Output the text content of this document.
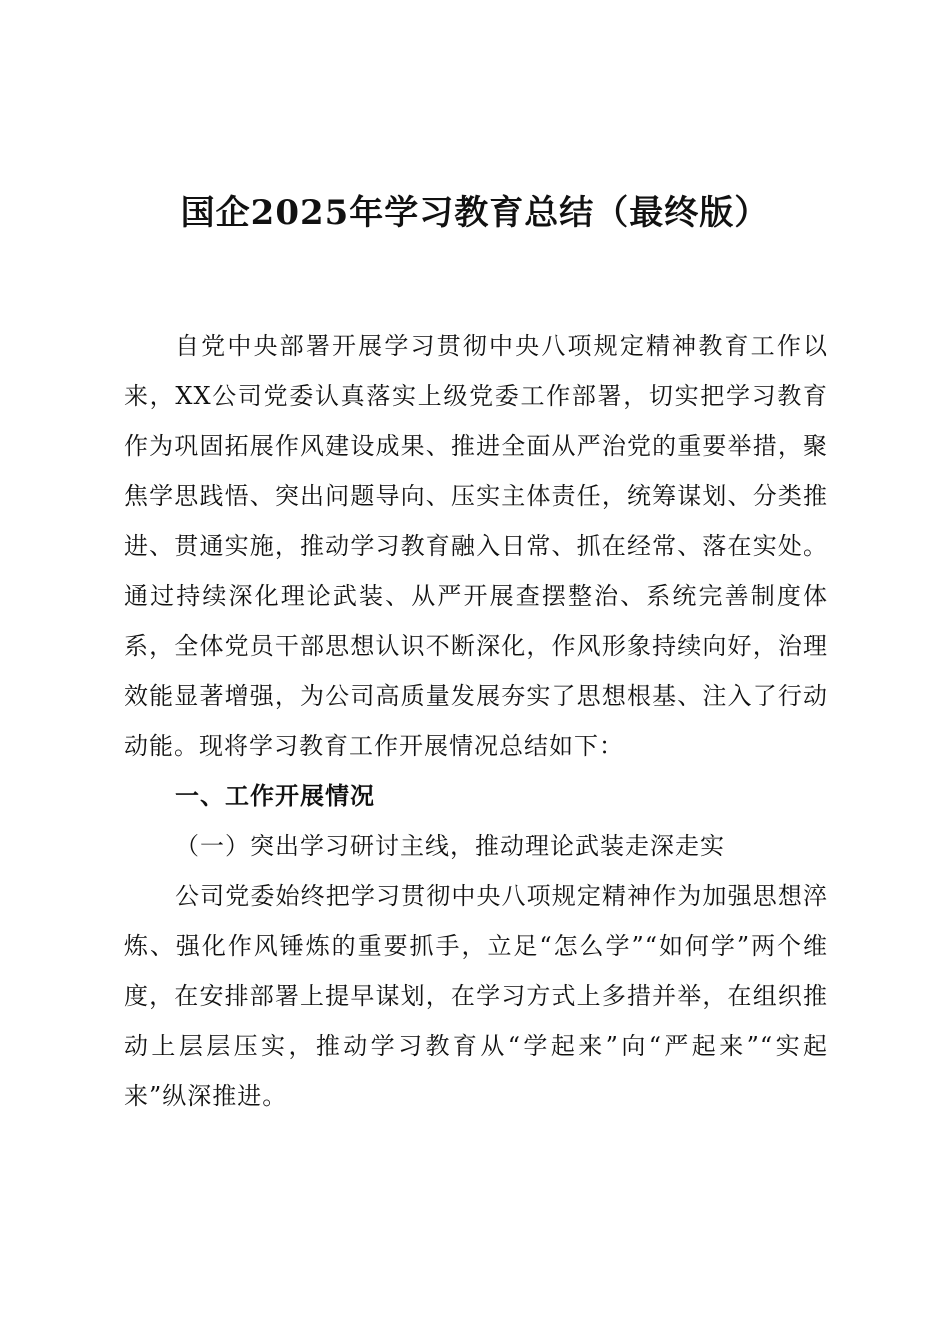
国企2025年学习教育总结（最终版）

自党中央部署开展学习贯彻中央八项规定精神教育工作以来，XX公司党委认真落实上级党委工作部署，切实把学习教育作为巩固拓展作风建设成果、推进全面从严治党的重要举措，聚焦学思践悟、突出问题导向、压实主体责任，统筹谋划、分类推进、贯通实施，推动学习教育融入日常、抓在经常、落在实处。通过持续深化理论武装、从严开展查摆整治、系统完善制度体系，全体党员干部思想认识不断深化，作风形象持续向好，治理效能显著增强，为公司高质量发展夯实了思想根基、注入了行动动能。现将学习教育工作开展情况总结如下：

一、工作开展情况

（一）突出学习研讨主线，推动理论武装走深走实

公司党委始终把学习贯彻中央八项规定精神作为加强思想淬炼、强化作风锤炼的重要抓手，立足“怎么学”“如何学”两个维度，在安排部署上提早谋划，在学习方式上多措并举，在组织推动上层层压实，推动学习教育从“学起来”向“严起来”“实起来”纵深推进。
